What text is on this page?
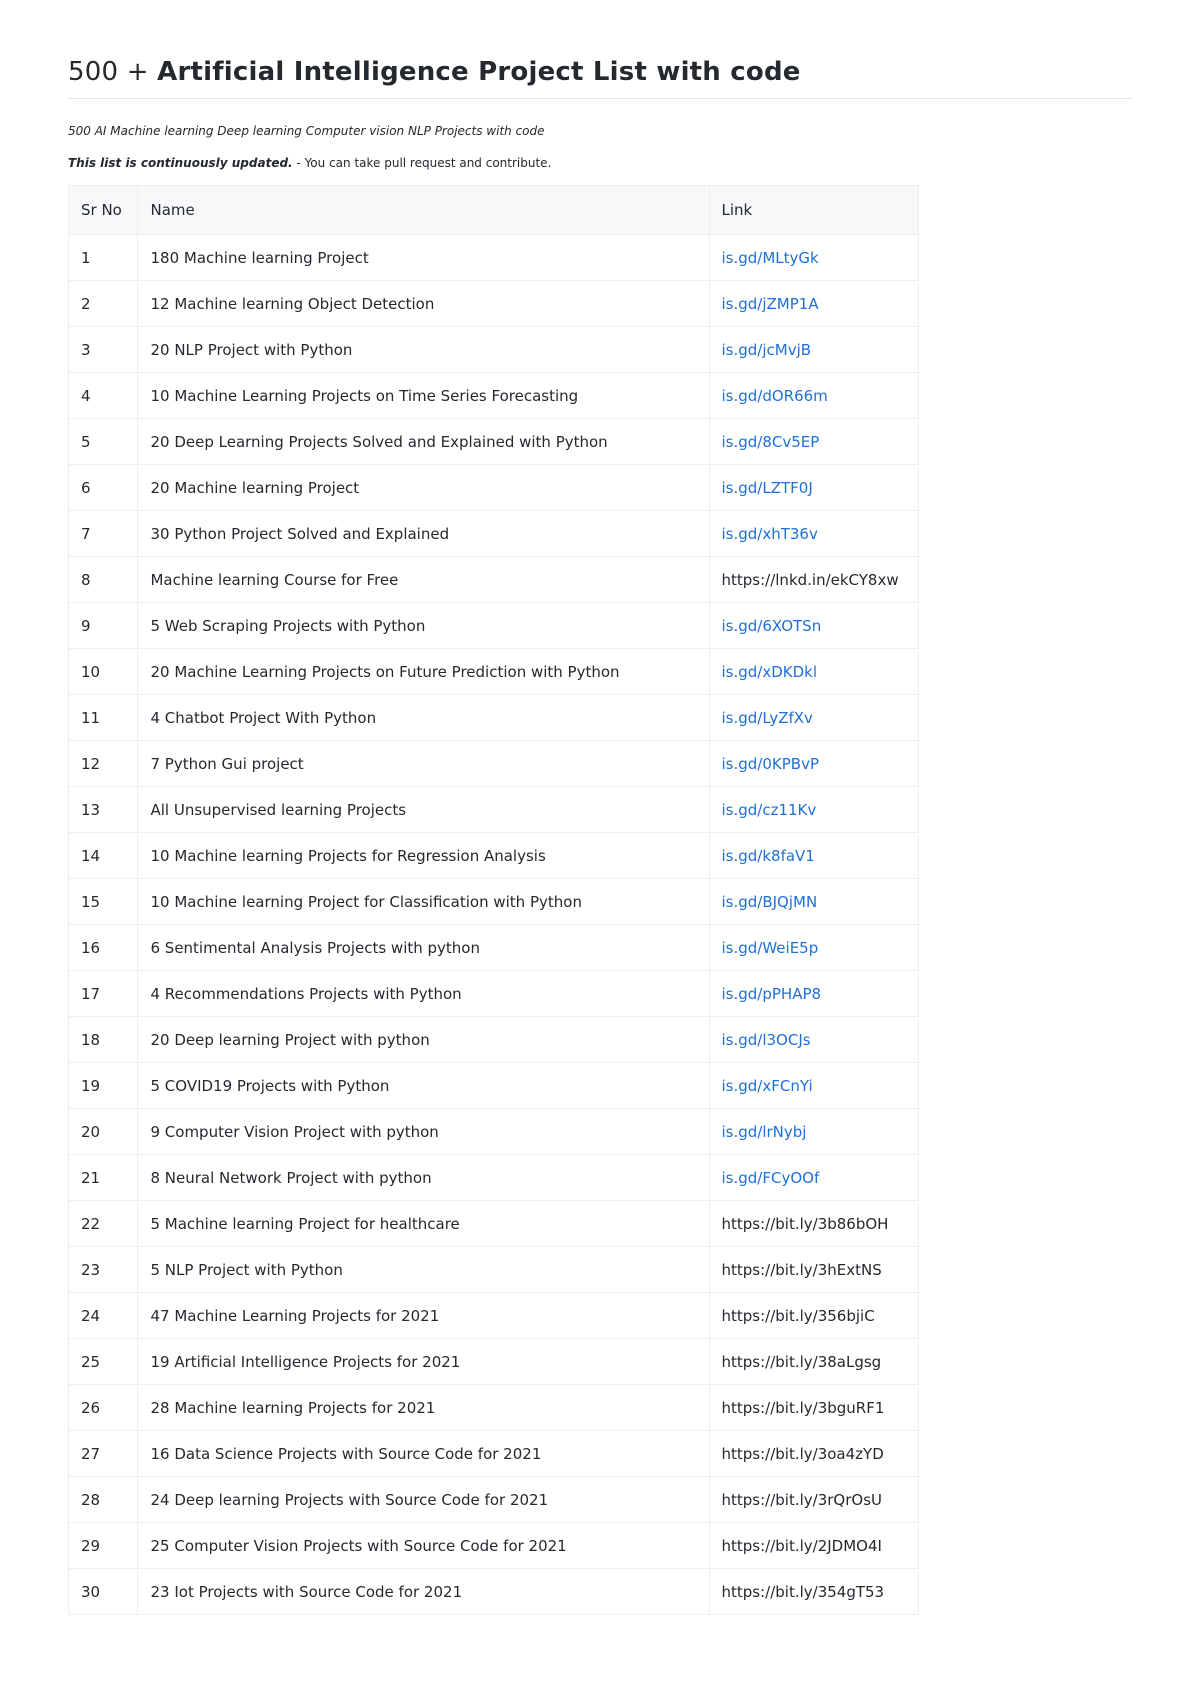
500 + Artificial Intelligence Project List with code

500 AI Machine learning Deep learning Computer vision NLP Projects with code

This list is continuously updated. - You can take pull request and contribute.

Sr No	Name	Link
1	180 Machine learning Project	is.gd/MLtyGk
2	12 Machine learning Object Detection	is.gd/jZMP1A
3	20 NLP Project with Python	is.gd/jcMvjB
4	10 Machine Learning Projects on Time Series Forecasting	is.gd/dOR66m
5	20 Deep Learning Projects Solved and Explained with Python	is.gd/8Cv5EP
6	20 Machine learning Project	is.gd/LZTF0J
7	30 Python Project Solved and Explained	is.gd/xhT36v
8	Machine learning Course for Free	https://lnkd.in/ekCY8xw
9	5 Web Scraping Projects with Python	is.gd/6XOTSn
10	20 Machine Learning Projects on Future Prediction with Python	is.gd/xDKDkl
11	4 Chatbot Project With Python	is.gd/LyZfXv
12	7 Python Gui project	is.gd/0KPBvP
13	All Unsupervised learning Projects	is.gd/cz11Kv
14	10 Machine learning Projects for Regression Analysis	is.gd/k8faV1
15	10 Machine learning Project for Classification with Python	is.gd/BJQjMN
16	6 Sentimental Analysis Projects with python	is.gd/WeiE5p
17	4 Recommendations Projects with Python	is.gd/pPHAP8
18	20 Deep learning Project with python	is.gd/l3OCJs
19	5 COVID19 Projects with Python	is.gd/xFCnYi
20	9 Computer Vision Project with python	is.gd/lrNybj
21	8 Neural Network Project with python	is.gd/FCyOOf
22	5 Machine learning Project for healthcare	https://bit.ly/3b86bOH
23	5 NLP Project with Python	https://bit.ly/3hExtNS
24	47 Machine Learning Projects for 2021	https://bit.ly/356bjiC
25	19 Artificial Intelligence Projects for 2021	https://bit.ly/38aLgsg
26	28 Machine learning Projects for 2021	https://bit.ly/3bguRF1
27	16 Data Science Projects with Source Code for 2021	https://bit.ly/3oa4zYD
28	24 Deep learning Projects with Source Code for 2021	https://bit.ly/3rQrOsU
29	25 Computer Vision Projects with Source Code for 2021	https://bit.ly/2JDMO4I
30	23 Iot Projects with Source Code for 2021	https://bit.ly/354gT53
